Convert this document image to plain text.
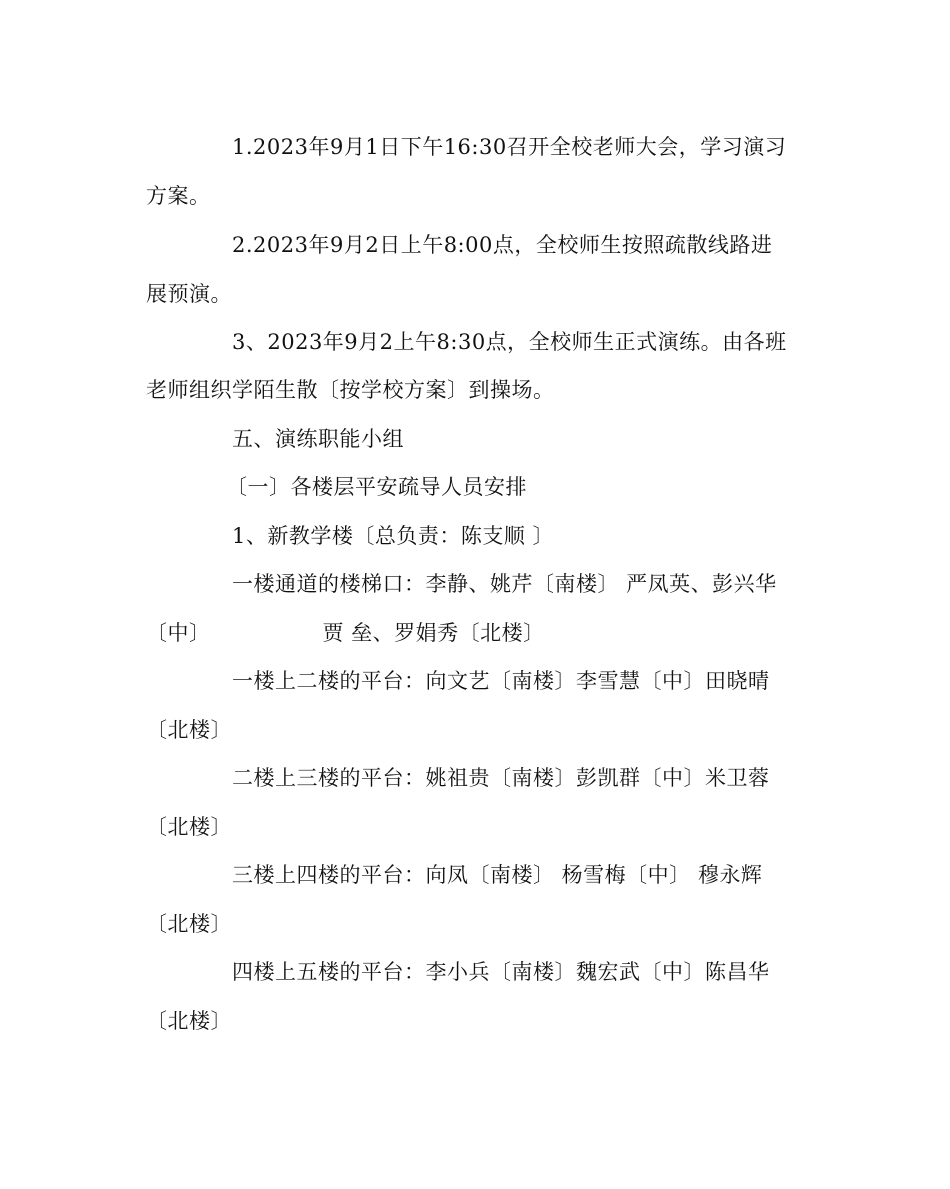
1.2023年9月1日下午16:30召开全校老师大会，学习演习
方案。
2.2023年9月2日上午8:00点，全校师生按照疏散线路进
展预演。
3、2023年9月2上午8:30点，全校师生正式演练。由各班
老师组织学陌生散〔按学校方案〕到操场。
五、演练职能小组
〔一〕各楼层平安疏导人员安排
1、新教学楼〔总负责：陈支顺 〕
一楼通道的楼梯口：李静、姚芹〔南楼〕 严凤英、彭兴华
〔中〕	贾 垒、罗娟秀〔北楼〕
一楼上二楼的平台：向文艺〔南楼〕李雪慧〔中〕田晓晴
〔北楼〕
二楼上三楼的平台：姚祖贵〔南楼〕彭凯群〔中〕米卫蓉
〔北楼〕
三楼上四楼的平台：向凤〔南楼〕 杨雪梅〔中〕 穆永辉
〔北楼〕
四楼上五楼的平台：李小兵〔南楼〕魏宏武〔中〕陈昌华
〔北楼〕
